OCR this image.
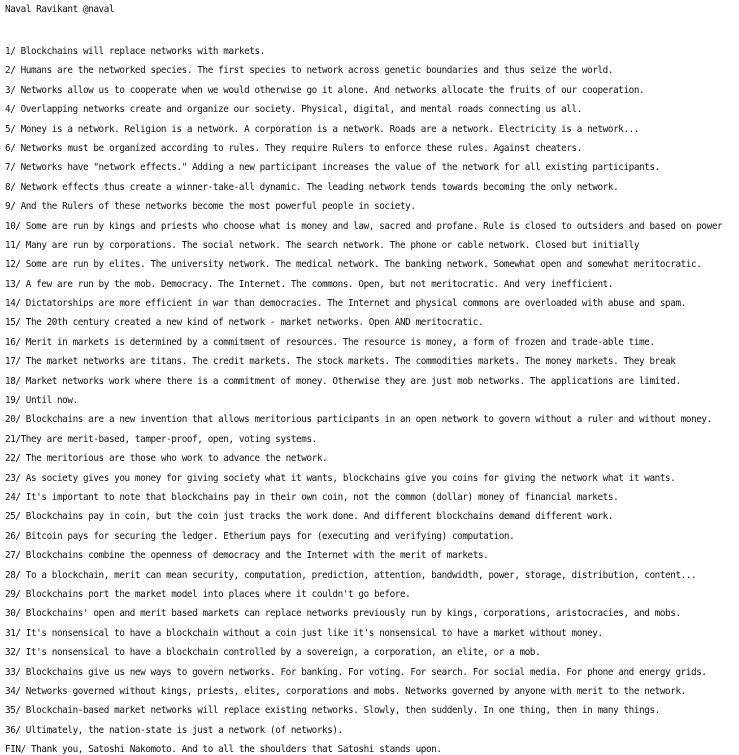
Naval Ravikant @naval
1/ Blockchains will replace networks with markets.
2/ Humans are the networked species. The first species to network across genetic boundaries and thus seize the world.
3/ Networks allow us to cooperate when we would otherwise go it alone. And networks allocate the fruits of our cooperation.
4/ Overlapping networks create and organize our society. Physical, digital, and mental roads connecting us all.
5/ Money is a network. Religion is a network. A corporation is a network. Roads are a network. Electricity is a network...
6/ Networks must be organized according to rules. They require Rulers to enforce these rules. Against cheaters.
7/ Networks have "network effects." Adding a new participant increases the value of the network for all existing participants.
8/ Network effects thus create a winner-take-all dynamic. The leading network tends towards becoming the only network.
9/ And the Rulers of these networks become the most powerful people in society.
10/ Some are run by kings and priests who choose what is money and law, sacred and profane. Rule is closed to outsiders and based on power
11/ Many are run by corporations. The social network. The search network. The phone or cable network. Closed but initially
12/ Some are run by elites. The university network. The medical network. The banking network. Somewhat open and somewhat meritocratic.
13/ A few are run by the mob. Democracy. The Internet. The commons. Open, but not meritocratic. And very inefficient.
14/ Dictatorships are more efficient in war than democracies. The Internet and physical commons are overloaded with abuse and spam.
15/ The 20th century created a new kind of network - market networks. Open AND meritocratic.
16/ Merit in markets is determined by a commitment of resources. The resource is money, a form of frozen and trade-able time.
17/ The market networks are titans. The credit markets. The stock markets. The commodities markets. The money markets. They break
18/ Market networks work where there is a commitment of money. Otherwise they are just mob networks. The applications are limited.
19/ Until now.
20/ Blockchains are a new invention that allows meritorious participants in an open network to govern without a ruler and without money.
21/They are merit-based, tamper-proof, open, voting systems.
22/ The meritorious are those who work to advance the network.
23/ As society gives you money for giving society what it wants, blockchains give you coins for giving the network what it wants.
24/ It's important to note that blockchains pay in their own coin, not the common (dollar) money of financial markets.
25/ Blockchains pay in coin, but the coin just tracks the work done. And different blockchains demand different work.
26/ Bitcoin pays for securing the ledger. Etherium pays for (executing and verifying) computation.
27/ Blockchains combine the openness of democracy and the Internet with the merit of markets.
28/ To a blockchain, merit can mean security, computation, prediction, attention, bandwidth, power, storage, distribution, content...
29/ Blockchains port the market model into places where it couldn't go before.
30/ Blockchains' open and merit based markets can replace networks previously run by kings, corporations, aristocracies, and mobs.
31/ It's nonsensical to have a blockchain without a coin just like it's nonsensical to have a market without money.
32/ It's nonsensical to have a blockchain controlled by a sovereign, a corporation, an elite, or a mob.
33/ Blockchains give us new ways to govern networks. For banking. For voting. For search. For social media. For phone and energy grids.
34/ Networks governed without kings, priests, elites, corporations and mobs. Networks governed by anyone with merit to the network.
35/ Blockchain-based market networks will replace existing networks. Slowly, then suddenly. In one thing, then in many things.
36/ Ultimately, the nation-state is just a network (of networks).
FIN/ Thank you, Satoshi Nakomoto. And to all the shoulders that Satoshi stands upon.
